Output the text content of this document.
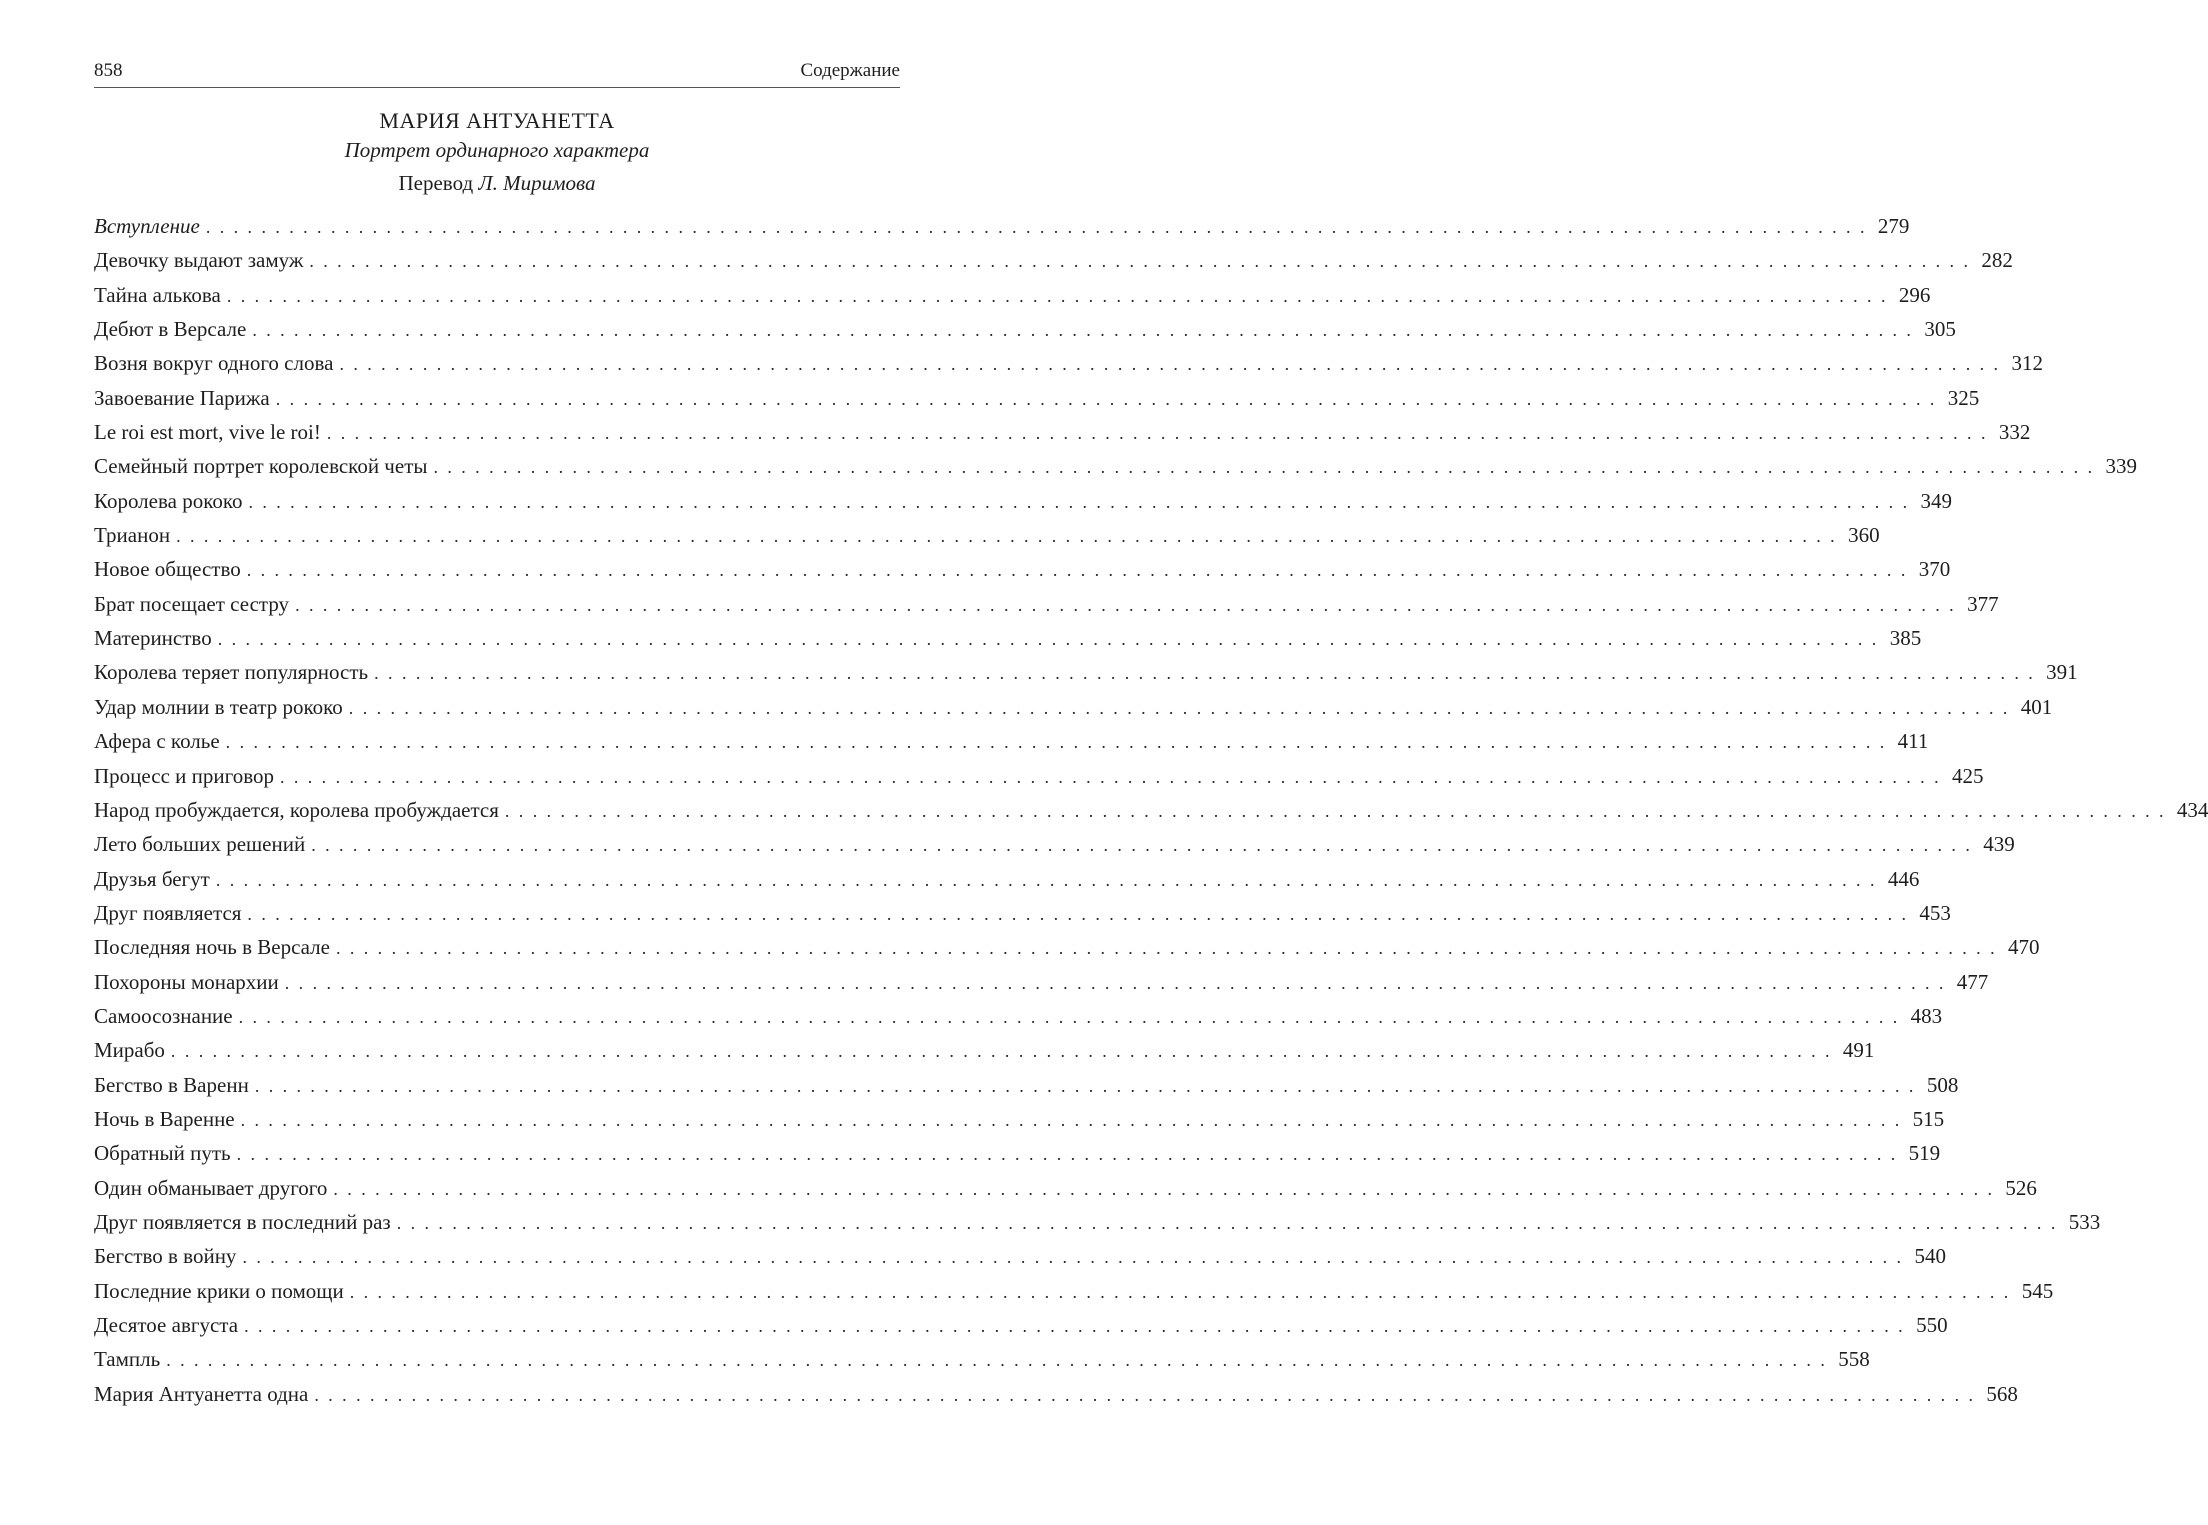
858	Содержание
МАРИЯ АНТУАНЕТТА
Портрет ординарного характера
Перевод Л. Миримова
Вступление ........................................................................................................................ 279
Девочку выдают замуж ........................................................................................................................ 282
Тайна алькова ........................................................................................................................ 296
Дебют в Версале ........................................................................................................................ 305
Возня вокруг одного слова ........................................................................................................................ 312
Завоевание Парижа ........................................................................................................................ 325
Le roi est mort, vive le roi! ........................................................................................................................ 332
Семейный портрет королевской четы ........................................................................................................................ 339
Королева рококо ........................................................................................................................ 349
Трианон ........................................................................................................................ 360
Новое общество ........................................................................................................................ 370
Брат посещает сестру ........................................................................................................................ 377
Материнство ........................................................................................................................ 385
Королева теряет популярность ........................................................................................................................ 391
Удар молнии в театр рококо ........................................................................................................................ 401
Афера с колье ........................................................................................................................ 411
Процесс и приговор ........................................................................................................................ 425
Народ пробуждается, королева пробуждается ........................................................................................................................ 434
Лето больших решений ........................................................................................................................ 439
Друзья бегут ........................................................................................................................ 446
Друг появляется ........................................................................................................................ 453
Последняя ночь в Версале ........................................................................................................................ 470
Похороны монархии ........................................................................................................................ 477
Самоосознание ........................................................................................................................ 483
Мирабо ........................................................................................................................ 491
Бегство в Варенн ........................................................................................................................ 508
Ночь в Варенне ........................................................................................................................ 515
Обратный путь ........................................................................................................................ 519
Один обманывает другого ........................................................................................................................ 526
Друг появляется в последний раз ........................................................................................................................ 533
Бегство в войну ........................................................................................................................ 540
Последние крики о помощи ........................................................................................................................ 545
Десятое августа ........................................................................................................................ 550
Тампль ........................................................................................................................ 558
Мария Антуанетта одна ........................................................................................................................ 568
